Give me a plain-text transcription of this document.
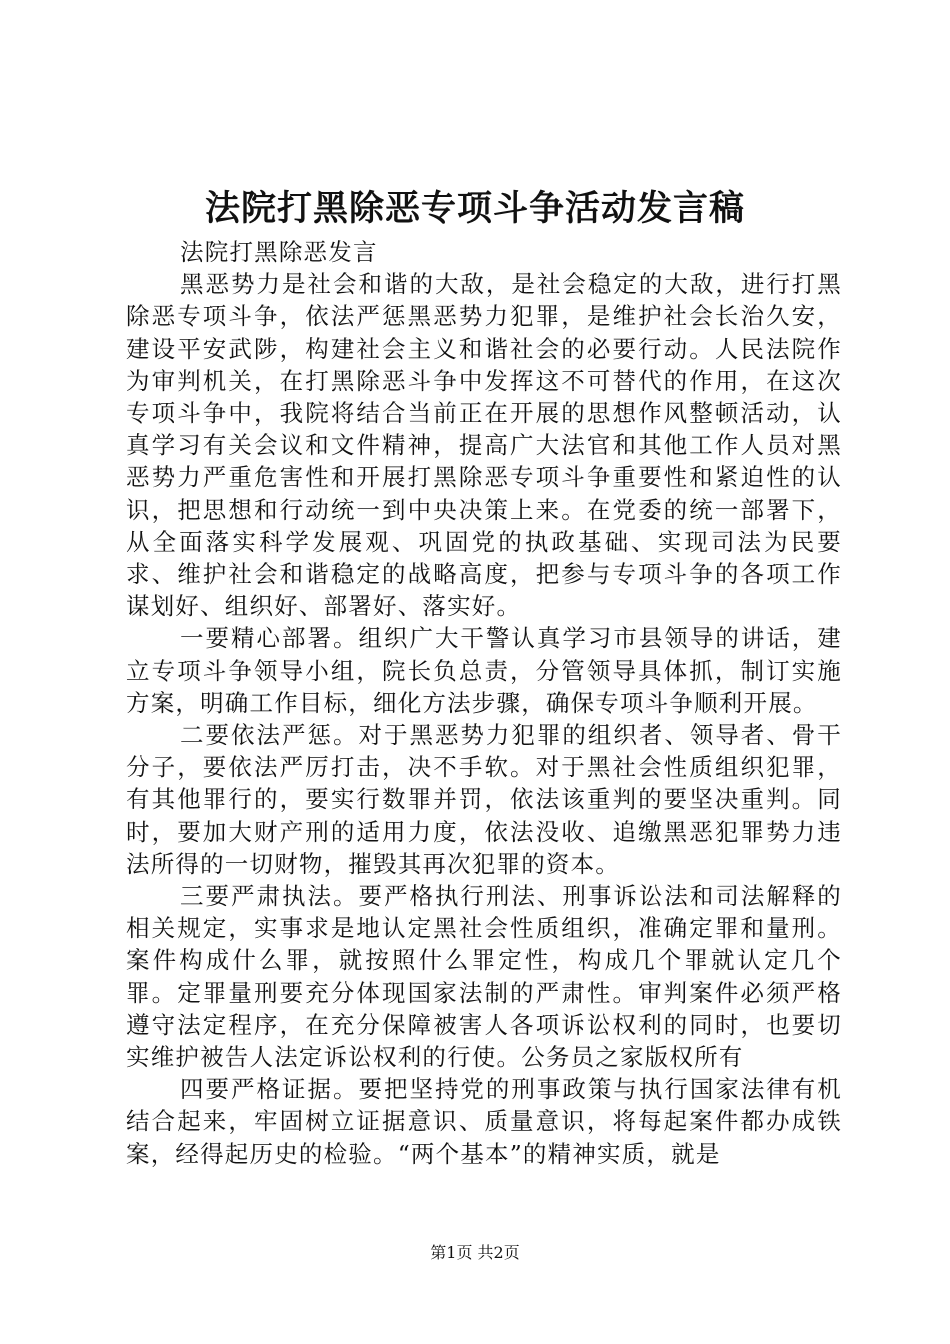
法院打黑除恶专项斗争活动发言稿

法院打黑除恶发言

黑恶势力是社会和谐的大敌，是社会稳定的大敌，进行打黑除恶专项斗争，依法严惩黑恶势力犯罪，是维护社会长治久安，建设平安武陟，构建社会主义和谐社会的必要行动。人民法院作为审判机关，在打黑除恶斗争中发挥这不可替代的作用，在这次专项斗争中，我院将结合当前正在开展的思想作风整顿活动，认真学习有关会议和文件精神，提高广大法官和其他工作人员对黑恶势力严重危害性和开展打黑除恶专项斗争重要性和紧迫性的认识，把思想和行动统一到中央决策上来。在党委的统一部署下，从全面落实科学发展观、巩固党的执政基础、实现司法为民要求、维护社会和谐稳定的战略高度，把参与专项斗争的各项工作谋划好、组织好、部署好、落实好。

一要精心部署。组织广大干警认真学习市县领导的讲话，建立专项斗争领导小组，院长负总责，分管领导具体抓，制订实施方案，明确工作目标，细化方法步骤，确保专项斗争顺利开展。

二要依法严惩。对于黑恶势力犯罪的组织者、领导者、骨干分子，要依法严厉打击，决不手软。对于黑社会性质组织犯罪，有其他罪行的，要实行数罪并罚，依法该重判的要坚决重判。同时，要加大财产刑的适用力度，依法没收、追缴黑恶犯罪势力违法所得的一切财物，摧毁其再次犯罪的资本。

三要严肃执法。要严格执行刑法、刑事诉讼法和司法解释的相关规定，实事求是地认定黑社会性质组织，准确定罪和量刑。案件构成什么罪，就按照什么罪定性，构成几个罪就认定几个罪。定罪量刑要充分体现国家法制的严肃性。审判案件必须严格遵守法定程序，在充分保障被害人各项诉讼权利的同时，也要切实维护被告人法定诉讼权利的行使。公务员之家版权所有

四要严格证据。要把坚持党的刑事政策与执行国家法律有机结合起来，牢固树立证据意识、质量意识，将每起案件都办成铁案，经得起历史的检验。“两个基本”的精神实质，就是

第1页 共2页
